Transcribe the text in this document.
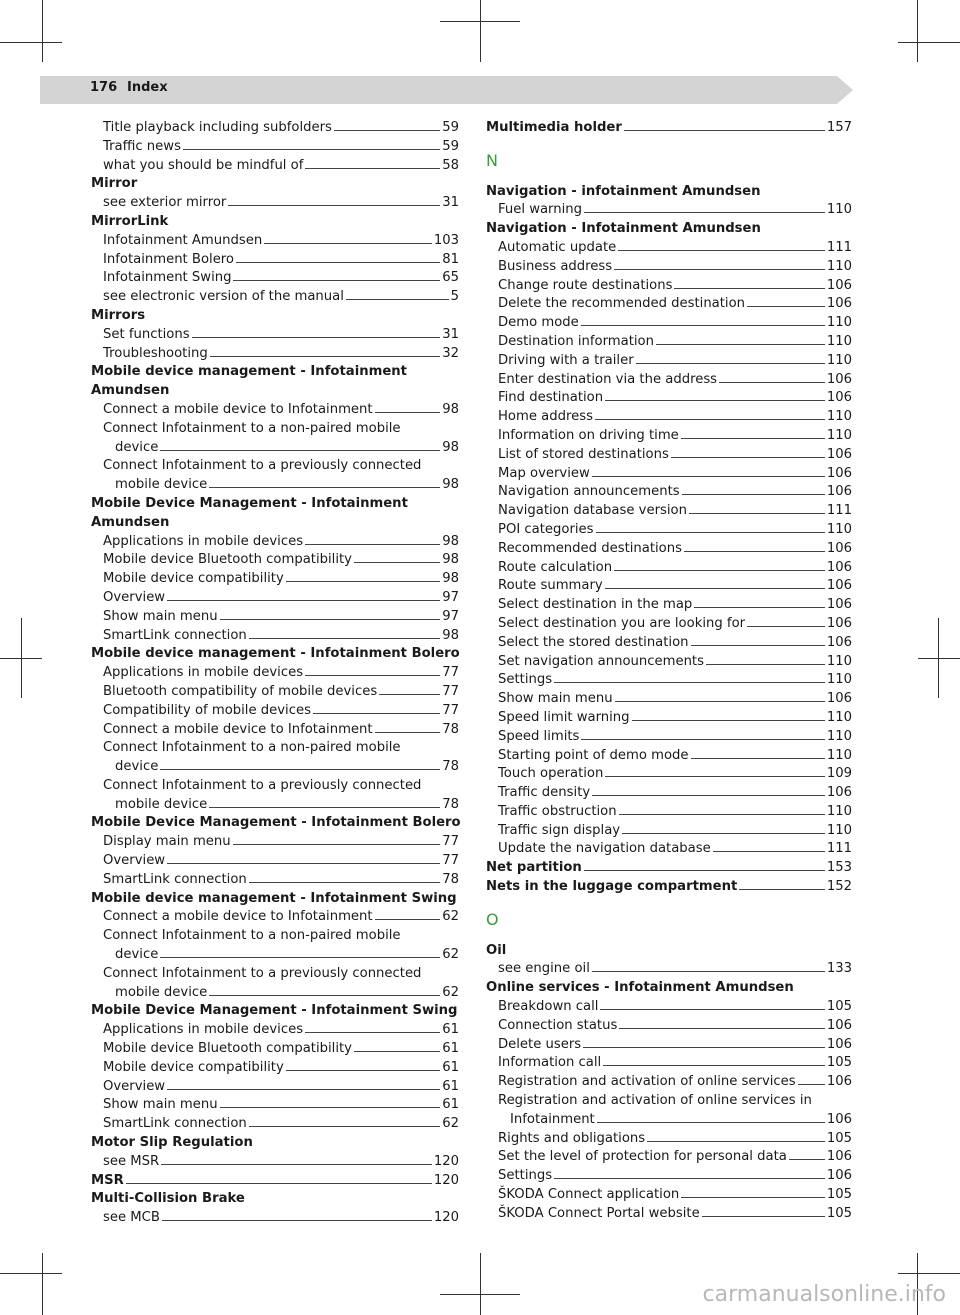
176 Index
Title playback including subfolders	59
Traffic news	59
what you should be mindful of	58
Mirror
see exterior mirror	31
MirrorLink
Infotainment Amundsen	103
Infotainment Bolero	81
Infotainment Swing	65
see electronic version of the manual	5
Mirrors
Set functions	31
Troubleshooting	32
Mobile device management - Infotainment
Amundsen
Connect a mobile device to Infotainment	98
Connect Infotainment to a non-paired mobile
device	98
Connect Infotainment to a previously connected
mobile device	98
Mobile Device Management - Infotainment
Amundsen
Applications in mobile devices	98
Mobile device Bluetooth compatibility	98
Mobile device compatibility	98
Overview	97
Show main menu	97
SmartLink connection	98
Mobile device management - Infotainment Bolero
Applications in mobile devices	77
Bluetooth compatibility of mobile devices	77
Compatibility of mobile devices	77
Connect a mobile device to Infotainment	78
Connect Infotainment to a non-paired mobile
device	78
Connect Infotainment to a previously connected
mobile device	78
Mobile Device Management - Infotainment Bolero
Display main menu	77
Overview	77
SmartLink connection	78
Mobile device management - Infotainment Swing
Connect a mobile device to Infotainment	62
Connect Infotainment to a non-paired mobile
device	62
Connect Infotainment to a previously connected
mobile device	62
Mobile Device Management - Infotainment Swing
Applications in mobile devices	61
Mobile device Bluetooth compatibility	61
Mobile device compatibility	61
Overview	61
Show main menu	61
SmartLink connection	62
Motor Slip Regulation
see MSR	120
MSR	120
Multi-Collision Brake
see MCB	120
Multimedia holder	157
N
Navigation - infotainment Amundsen
Fuel warning	110
Navigation - Infotainment Amundsen
Automatic update	111
Business address	110
Change route destinations	106
Delete the recommended destination	106
Demo mode	110
Destination information	110
Driving with a trailer	110
Enter destination via the address	106
Find destination	106
Home address	110
Information on driving time	110
List of stored destinations	106
Map overview	106
Navigation announcements	106
Navigation database version	111
POI categories	110
Recommended destinations	106
Route calculation	106
Route summary	106
Select destination in the map	106
Select destination you are looking for	106
Select the stored destination	106
Set navigation announcements	110
Settings	110
Show main menu	106
Speed limit warning	110
Speed limits	110
Starting point of demo mode	110
Touch operation	109
Traffic density	106
Traffic obstruction	110
Traffic sign display	110
Update the navigation database	111
Net partition	153
Nets in the luggage compartment	152
O
Oil
see engine oil	133
Online services - Infotainment Amundsen
Breakdown call	105
Connection status	106
Delete users	106
Information call	105
Registration and activation of online services 106
Registration and activation of online services in
Infotainment	106
Rights and obligations	105
Set the level of protection for personal data	106
Settings	106
ŠKODA Connect application	105
ŠKODA Connect Portal website	105
carmanualsonline.info
